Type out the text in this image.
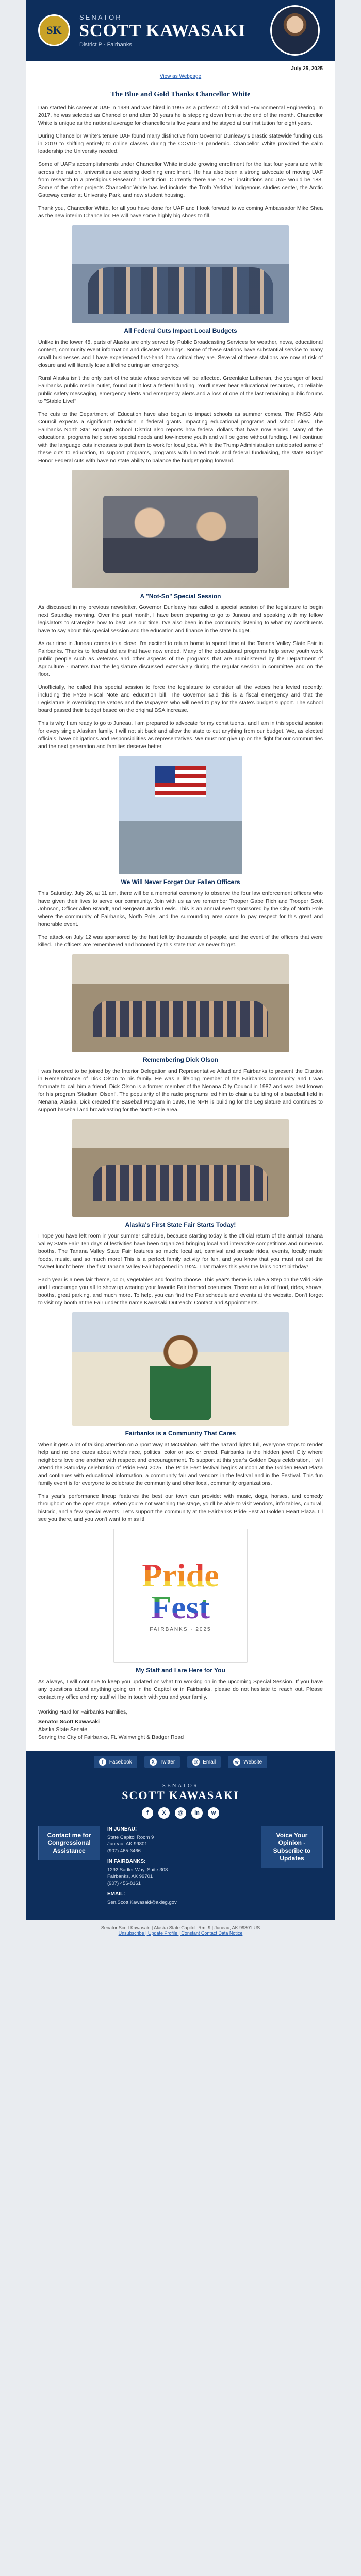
SK
SENATOR
SCOTT KAWASAKI
District P · Fairbanks
July 25, 2025
View as Webpage
The Blue and Gold Thanks Chancellor White

Dan started his career at UAF in 1989 and was hired in 1995 as a professor of Civil and Environmental Engineering. In 2017, he was selected as Chancellor and after 30 years he is stepping down from at the end of the month. Chancellor White is unique as the national average for chancellors is five years and he stayed at our institution for eight years.

During Chancellor White's tenure UAF found many distinctive from Governor Dunleavy's drastic statewide funding cuts in 2019 to shifting entirely to online classes during the COVID-19 pandemic. Chancellor White provided the calm leadership the University needed.

Some of UAF's accomplishments under Chancellor White include growing enrollment for the last four years and while across the nation, universities are seeing declining enrollment. He has also been a strong advocate of moving UAF from research to a prestigious Research 1 institution. Currently there are 187 R1 institutions and UAF would be 188. Some of the other projects Chancellor White has led include: the Troth Yeddha' Indigenous studies center, the Arctic Gateway center at University Park, and new student housing.

Thank you, Chancellor White, for all you have done for UAF and I look forward to welcoming Ambassador Mike Shea as the new interim Chancellor. He will have some highly big shoes to fill.

All Federal Cuts Impact Local Budgets

Unlike in the lower 48, parts of Alaska are only served by Public Broadcasting Services for weather, news, educational content, community event information and disaster warnings. Some of these stations have substantial service to many small businesses and I have experienced first-hand how critical they are. Several of these stations are now at risk of closure and will literally lose a lifeline during an emergency.

Rural Alaska isn't the only part of the state whose services will be affected. Greenlake Lutheran, the younger of local Fairbanks public media outlet, found out it lost a federal funding. You'll never hear educational resources, no reliable public safety messaging, emergency alerts and emergency alerts and a loss of one of the last remaining public forums to "Stable Live!"

The cuts to the Department of Education have also begun to impact schools as summer comes. The FNSB Arts Council expects a significant reduction in federal grants impacting educational programs and school sites. The Fairbanks North Star Borough School District also reports how federal dollars that have now ended. Many of the educational programs help serve special needs and low-income youth and will be gone without funding. I will continue with the language cuts increases to put them to work for local jobs. While the Trump Administration anticipated some of these cuts to education, to support programs, programs with limited tools and federal fundraising, the state Budget Honor Federal cuts with have no state ability to balance the budget going forward.

A "Not-So" Special Session

As discussed in my previous newsletter, Governor Dunleavy has called a special session of the legislature to begin next Saturday morning. Over the past month, I have been preparing to go to Juneau and speaking with my fellow legislators to strategize how to best use our time. I've also been in the community listening to what my constituents have to say about this special session and the education and finance in the state budget.

As our time in Juneau comes to a close, I'm excited to return home to spend time at the Tanana Valley State Fair in Fairbanks. Thanks to federal dollars that have now ended. Many of the educational programs help serve youth work public people such as veterans and other aspects of the programs that are administered by the Department of Agriculture - matters that the legislature discussed extensively during the regular session in committee and on the floor.

Unofficially, he called this special session to force the legislature to consider all the vetoes he's levied recently, including the FY26 Fiscal Note and education bill. The Governor said this is a fiscal emergency and that the Legislature is overriding the vetoes and the taxpayers who will need to pay for the state's budget support. The school board passed their budget based on the original BSA increase.

This is why I am ready to go to Juneau. I am prepared to advocate for my constituents, and I am in this special session for every single Alaskan family. I will not sit back and allow the state to cut anything from our budget. We, as elected officials, have obligations and responsibilities as representatives. We must not give up on the fight for our communities and the next generation and families deserve better.

We Will Never Forget Our Fallen Officers

This Saturday, July 26, at 11 am, there will be a memorial ceremony to observe the four law enforcement officers who have given their lives to serve our community. Join with us as we remember Trooper Gabe Rich and Trooper Scott Johnson, Officer Allen Brandt, and Sergeant Justin Lewis. This is an annual event sponsored by the City of North Pole where the community of Fairbanks, North Pole, and the surrounding area come to pay respect for this great and honorable event.

The attack on July 12 was sponsored by the hurt felt by thousands of people, and the event of the officers that were killed. The officers are remembered and honored by this state that we never forget.

Remembering Dick Olson

I was honored to be joined by the Interior Delegation and Representative Allard and Fairbanks to present the Citation in Remembrance of Dick Olson to his family. He was a lifelong member of the Fairbanks community and I was fortunate to call him a friend. Dick Olson is a former member of the Nenana City Council in 1987 and was best known for his program 'Stadium Olsen!'. The popularity of the radio programs led him to chair a building of a baseball field in Nenana, Alaska. Dick created the Baseball Program in 1998, the NPR is building for the Legislature and continues to support baseball and broadcasting for the North Pole area.

Alaska's First State Fair Starts Today!

I hope you have left room in your summer schedule, because starting today is the official return of the annual Tanana Valley State Fair! Ten days of festivities have been organized bringing local and interactive competitions and numerous booths. The Tanana Valley State Fair features so much: local art, carnival and arcade rides, events, locally made foods, music, and so much more! This is a perfect family activity for fun, and you know that you must not eat the "sweet lunch" here! The first Tanana Valley Fair happened in 1924. That makes this year the fair's 101st birthday!

Each year is a new fair theme, color, vegetables and food to choose. This year's theme is Take a Step on the Wild Side and I encourage you all to show up wearing your favorite Fair themed costumes. There are a lot of food, rides, shows, booths, great parking, and much more. To help, you can find the Fair schedule and events at the website. Don't forget to visit my booth at the Fair under the name Kawasaki Outreach: Contact and Appointments.

Fairbanks is a Community That Cares

When it gets a lot of talking attention on Airport Way at McGahhan, with the hazard lights full, everyone stops to render help and no one cares about who's race, politics, color or sex or creed. Fairbanks is the hidden jewel City where neighbors love one another with respect and encouragement. To support at this year's Golden Days celebration, I will attend the Saturday celebration of Pride Fest 2025! The Pride Fest festival begins at noon at the Golden Heart Plaza and continues with educational information, a community fair and vendors in the festival and in the Festival. This fun family event is for everyone to celebrate the community and other local, community organizations.

This year's performance lineup features the best our town can provide: with music, dogs, horses, and comedy throughout on the open stage. When you're not watching the stage, you'll be able to visit vendors, info tables, cultural, historic, and a few special events. Let's support the community at the Fairbanks Pride Fest at Golden Heart Plaza. I'll see you there, and you won't want to miss it!

Pride
Fest
FAIRBANKS · 2025
My Staff and I are Here for You

As always, I will continue to keep you updated on what I'm working on in the upcoming Special Session. If you have any questions about anything going on in the Capitol or in Fairbanks, please do not hesitate to reach out. Please contact my office and my staff will be in touch with you and your family.

Working Hard for Fairbanks Families,
Senator Scott Kawasaki
Alaska State Senate
Serving the City of Fairbanks, Ft. Wainwright & Badger Road
f	Facebook	X	Twitter	@ Email	w Website
SENATOR
SCOTT KAWASAKI
f	X	@	in	w
Contact me for Congressional Assistance
IN JUNEAU:
State Capitol Room 9
Juneau, AK 99801
(907) 465-3466
IN FAIRBANKS:
1292 Sadler Way, Suite 308
Fairbanks, AK 99701
(907) 456-8161
EMAIL:
Sen.Scott.Kawasaki@akleg.gov
Voice Your Opinion - Subscribe to Updates
Senator Scott Kawasaki | Alaska State Capitol, Rm. 9 | Juneau, AK 99801 US
Unsubscribe | Update Profile | Constant Contact Data Notice
